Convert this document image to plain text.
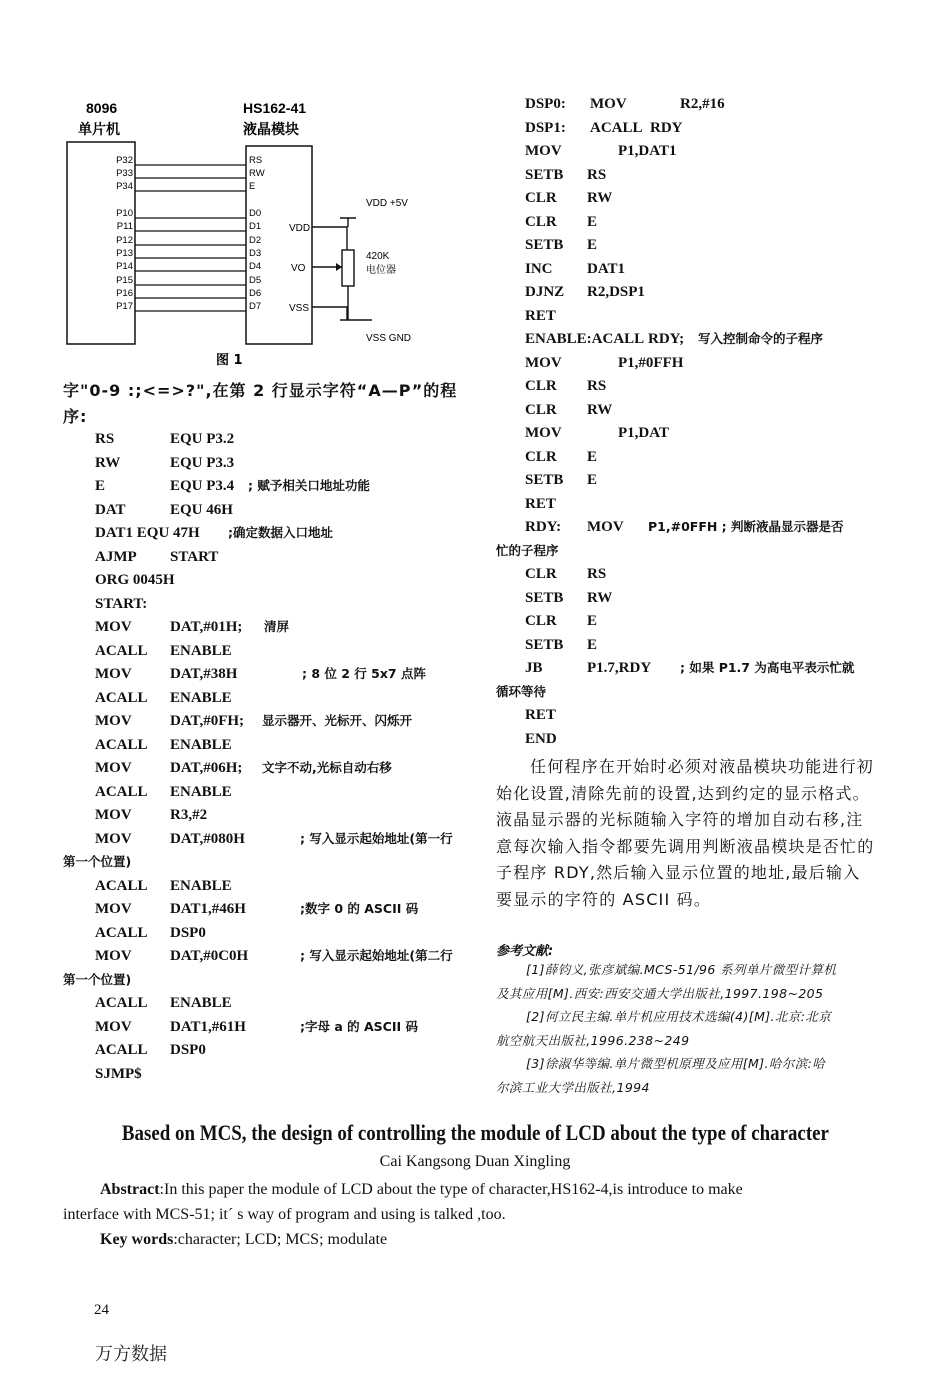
8096
单片机
HS162-41
液晶模块
P32
P33
P34
P10
P11
P12
P13
P14
P15
P16
P17
RS
RW
E
D0
D1
D2
D3
D4
D5
D6
D7
VDD
VO
VSS
VDD +5V
420K
电位器
VSS GND
图 1
字"0-9 :;<=>?",在第 2 行显示字符“A—P”的程
序:
RS	EQU P3.2
RW	EQU P3.3
E	EQU P3.4 ; 赋予相关口地址功能
DAT	EQU 46H
DAT1 EQU 47H ;确定数据入口地址
AJMP START
ORG 0045H
START:
MOV	DAT,#01H; 清屏
ACALL ENABLE
MOV	DAT,#38H	; 8 位 2 行 5x7 点阵
ACALL ENABLE
MOV	DAT,#0FH; 显示器开、光标开、闪烁开
ACALL ENABLE
MOV	DAT,#06H; 文字不动,光标自动右移
ACALL ENABLE
MOV	R3,#2
MOV	DAT,#080H	; 写入显示起始地址(第一行
第一个位置)
ACALL ENABLE
MOV	DAT1,#46H	;数字 0 的 ASCII 码
ACALL DSP0
MOV	DAT,#0C0H	; 写入显示起始地址(第二行
第一个位置)
ACALL ENABLE
MOV	DAT1,#61H	;字母 a 的 ASCII 码
ACALL DSP0
SJMP$
DSP0: MOV	R2,#16
DSP1: ACALL RDY
MOV	P1,DAT1
SETB RS
CLR RW
CLR E
SETB E
INC DAT1
DJNZ R2,DSP1
RET
ENABLE:ACALL RDY; 写入控制命令的子程序
MOV	P1,#0FFH
CLR RS
CLR RW
MOV	P1,DAT
CLR E
SETB E
RET
RDY: MOV P1,#0FFH ; 判断液晶显示器是否
忙的子程序
CLR RS
SETB RW
CLR E
SETB E
JB	P1.7,RDY ; 如果 P1.7 为高电平表示忙就
循环等待
RET
END
任何程序在开始时必须对液晶模块功能进行初
始化设置,清除先前的设置,达到约定的显示格式。
液晶显示器的光标随输入字符的增加自动右移,注
意每次输入指令都要先调用判断液晶模块是否忙的
子程序 RDY,然后输入显示位置的地址,最后输入
要显示的字符的 ASCII 码。
参考文献:
[1]薛钧义,张彦斌编.MCS-51/96 系列单片微型计算机
及其应用[M].西安:西安交通大学出版社,1997.198~205
[2]何立民主编.单片机应用技术选编(4)[M].北京:北京
航空航天出版社,1996.238~249
[3]徐淑华等编.单片微型机原理及应用[M].哈尔滨:哈
尔滨工业大学出版社,1994
Based on MCS, the design of controlling the module of LCD about the type of character
Cai Kangsong Duan Xingling
Abstract:In this paper the module of LCD about the type of character,HS162-4,is introduce to make
interface with MCS-51; it´ s way of program and using is talked ,too.
Key words:character; LCD; MCS; modulate
24
万方数据
